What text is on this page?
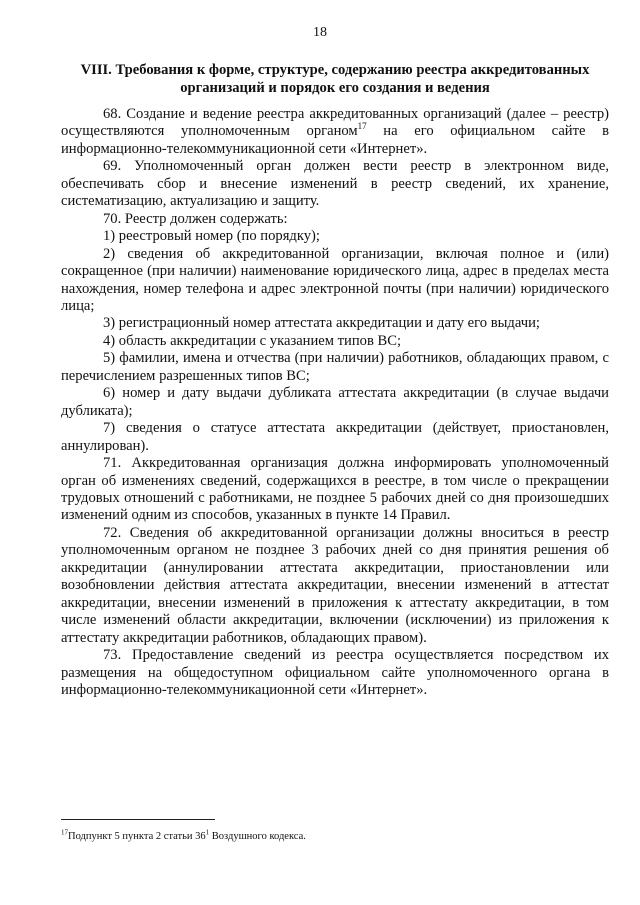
18
VIII. Требования к форме, структуре, содержанию реестра аккредитованных
организаций и порядок его создания и ведения

68. Создание и ведение реестра аккредитованных организаций (далее – реестр) осуществляются уполномоченным органом$^{17}$ на его официальном сайте в информационно-телекоммуникационной сети «Интернет».

69. Уполномоченный орган должен вести реестр в электронном виде, обеспечивать сбор и внесение изменений в реестр сведений, их хранение, систематизацию, актуализацию и защиту.

70. Реестр должен содержать:

1) реестровый номер (по порядку);

2) сведения об аккредитованной организации, включая полное и (или) сокращенное (при наличии) наименование юридического лица, адрес в пределах места нахождения, номер телефона и адрес электронной почты (при наличии) юридического лица;

3) регистрационный номер аттестата аккредитации и дату его выдачи;

4) область аккредитации с указанием типов ВС;

5) фамилии, имена и отчества (при наличии) работников, обладающих правом, с перечислением разрешенных типов ВС;

6) номер и дату выдачи дубликата аттестата аккредитации (в случае выдачи дубликата);

7) сведения о статусе аттестата аккредитации (действует, приостановлен, аннулирован).

71. Аккредитованная организация должна информировать уполномоченный орган об изменениях сведений, содержащихся в реестре, в том числе о прекращении трудовых отношений с работниками, не позднее 5 рабочих дней со дня произошедших изменений одним из способов, указанных в пункте 14 Правил.

72. Сведения об аккредитованной организации должны вноситься в реестр уполномоченным органом не позднее 3 рабочих дней со дня принятия решения об аккредитации (аннулировании аттестата аккредитации, приостановлении или возобновлении действия аттестата аккредитации, внесении изменений в аттестат аккредитации, внесении изменений в приложения к аттестату аккредитации, в том числе изменений области аккредитации, включении (исключении) из приложения к аттестату аккредитации работников, обладающих правом).

73. Предоставление сведений из реестра осуществляется посредством их размещения на общедоступном официальном сайте уполномоченного органа в информационно-телекоммуникационной сети «Интернет».

$^{17}$Подпункт 5 пункта 2 статьи 36$^1$ Воздушного кодекса.
